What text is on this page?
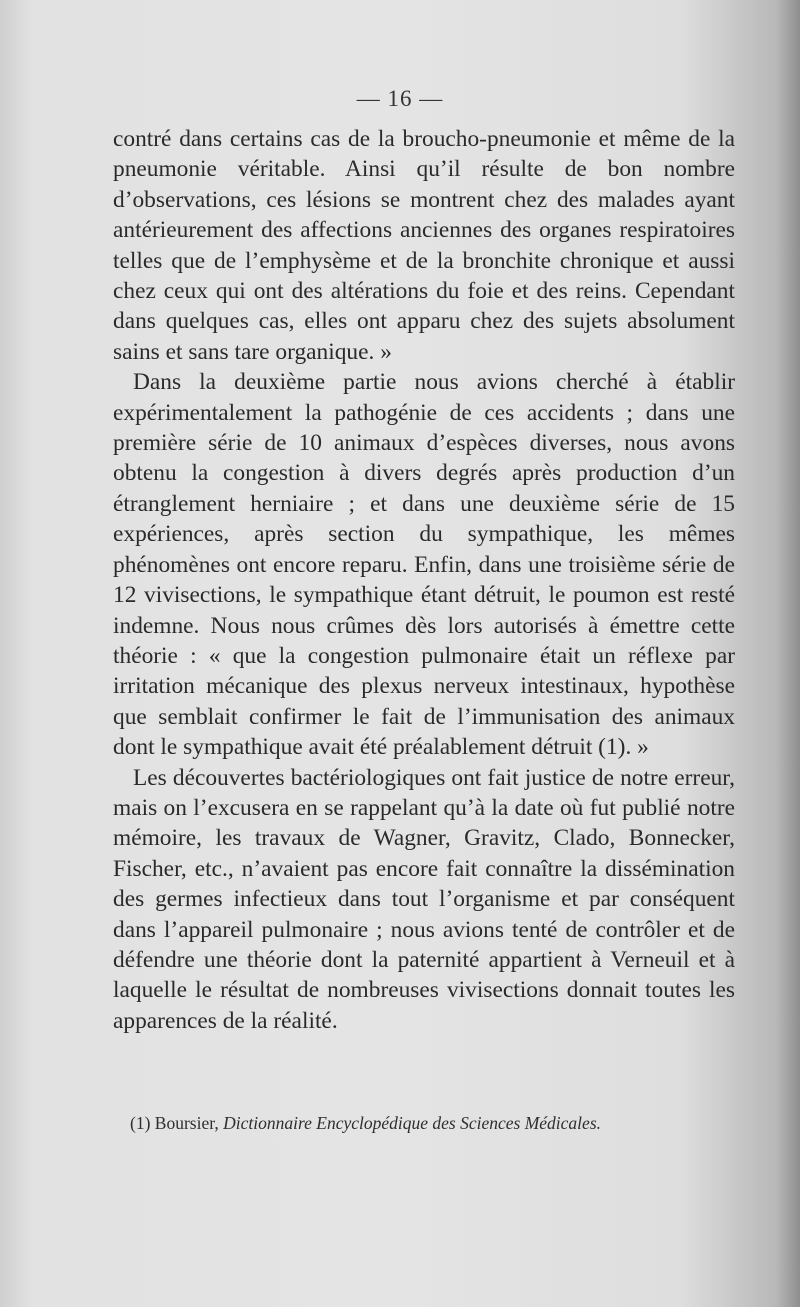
— 16 —

contré dans certains cas de la broucho-pneumonie et même de la pneumonie véritable. Ainsi qu’il résulte de bon nombre d’observations, ces lésions se montrent chez des malades ayant antérieurement des affections anciennes des organes respiratoires telles que de l’emphysème et de la bronchite chronique et aussi chez ceux qui ont des altérations du foie et des reins. Cependant dans quelques cas, elles ont apparu chez des sujets absolument sains et sans tare organique. »

Dans la deuxième partie nous avions cherché à établir expérimentalement la pathogénie de ces accidents ; dans une première série de 10 animaux d’espèces diverses, nous avons obtenu la congestion à divers degrés après production d’un étranglement herniaire ; et dans une deuxième série de 15 expériences, après section du sympathique, les mêmes phénomènes ont encore reparu. Enfin, dans une troisième série de 12 vivisections, le sympathique étant détruit, le poumon est resté indemne. Nous nous crûmes dès lors autorisés à émettre cette théorie : « que la congestion pulmonaire était un réflexe par irritation mécanique des plexus nerveux intestinaux, hypothèse que semblait confirmer le fait de l’immunisation des animaux dont le sympathique avait été préalablement détruit (1). »

Les découvertes bactériologiques ont fait justice de notre erreur, mais on l’excusera en se rappelant qu’à la date où fut publié notre mémoire, les travaux de Wagner, Gravitz, Clado, Bonnecker, Fischer, etc., n’avaient pas encore fait connaître la dissémination des germes infectieux dans tout l’organisme et par conséquent dans l’appareil pulmonaire ; nous avions tenté de contrôler et de défendre une théorie dont la paternité appartient à Verneuil et à laquelle le résultat de nombreuses vivisections donnait toutes les apparences de la réalité.

(1) Boursier, Dictionnaire Encyclopédique des Sciences Médicales.
